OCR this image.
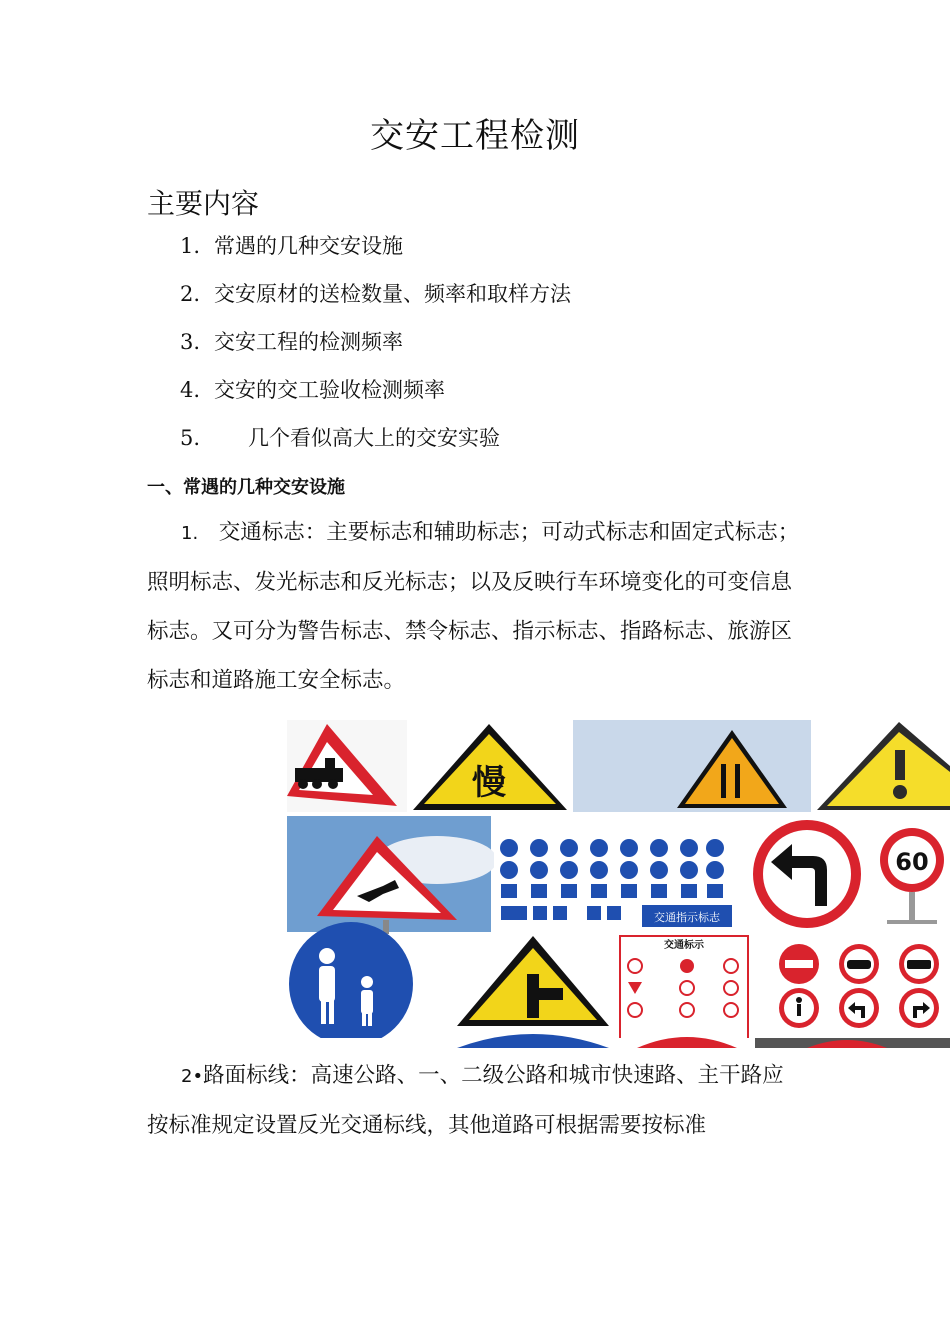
交安工程检测
主要内容
1. 常遇的几种交安设施
2. 交安原材的送检数量、频率和取样方法
3. 交安工程的检测频率
4. 交安的交工验收检测频率
5. 几个看似高大上的交安实验
一、常遇的几种交安设施
1. 交通标志：主要标志和辅助标志；可动式标志和固定式标志；照明标志、发光标志和反光标志；以及反映行车环境变化的可变信息标志。又可分为警告标志、禁令标志、指示标志、指路标志、旅游区标志和道路施工安全标志。
慢
交通指示标志
60
交通标示
2•路面标线：高速公路、一、二级公路和城市快速路、主干路应按标准规定设置反光交通标线，其他道路可根据需要按标准
